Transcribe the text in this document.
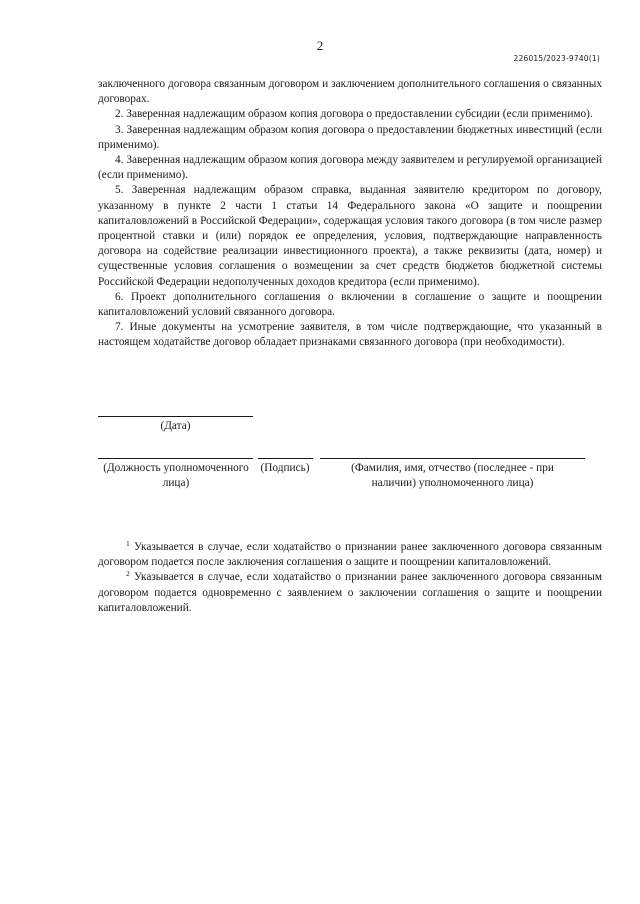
2
226015/2023-9740(1)

заключенного договора связанным договором и заключением дополнительного соглашения о связанных договорах.

2. Заверенная надлежащим образом копия договора о предоставлении субсидии (если применимо).

3. Заверенная надлежащим образом копия договора о предоставлении бюджетных инвестиций (если применимо).

4. Заверенная надлежащим образом копия договора между заявителем и регулируемой организацией (если применимо).

5. Заверенная надлежащим образом справка, выданная заявителю кредитором по договору, указанному в пункте 2 части 1 статьи 14 Федерального закона «О защите и поощрении капиталовложений в Российской Федерации», содержащая условия такого договора (в том числе размер процентной ставки и (или) порядок ее определения, условия, подтверждающие направленность договора на содействие реализации инвестиционного проекта), а также реквизиты (дата, номер) и существенные условия соглашения о возмещении за счет средств бюджетов бюджетной системы Российской Федерации недополученных доходов кредитора (если применимо).

6. Проект дополнительного соглашения о включении в соглашение о защите и поощрении капиталовложений условий связанного договора.

7. Иные документы на усмотрение заявителя, в том числе подтверждающие, что указанный в настоящем ходатайстве договор обладает признаками связанного договора (при необходимости).

(Дата)
(Должность уполномоченного лица)
(Подпись)	(Фамилия, имя, отчество (последнее - при наличии) уполномоченного лица)

$^1$ Указывается в случае, если ходатайство о признании ранее заключенного договора связанным договором подается после заключения соглашения о защите и поощрении капиталовложений.

$^2$ Указывается в случае, если ходатайство о признании ранее заключенного договора связанным договором подается одновременно с заявлением о заключении соглашения о защите и поощрении капиталовложений.
